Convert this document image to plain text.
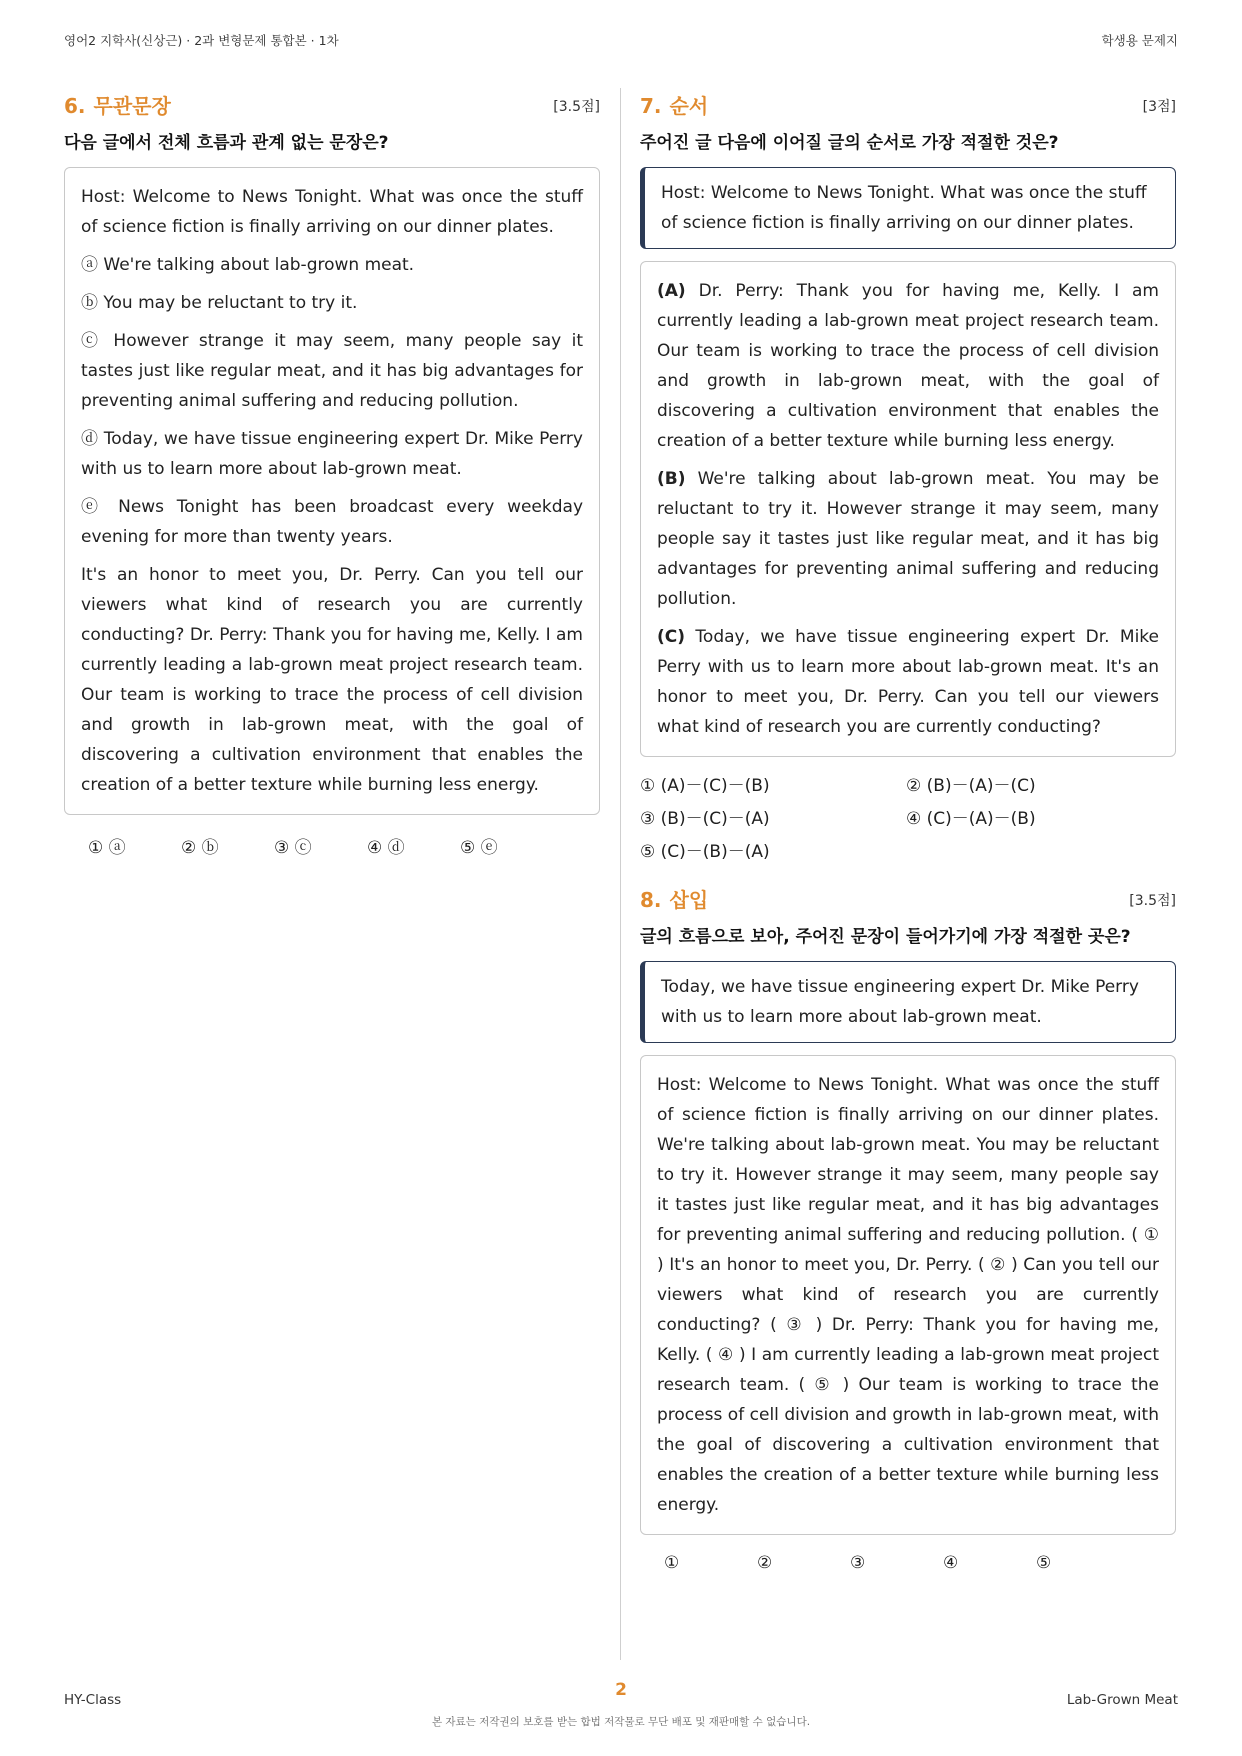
영어2 지학사(신상근) · 2과 변형문제 통합본 · 1차	학생용 문제지
6. 무관문장	[3.5점]
다음 글에서 전체 흐름과 관계 없는 문장은?

Host: Welcome to News Tonight. What was once the stuff of science fiction is finally arriving on our dinner plates.

ⓐ We're talking about lab-grown meat.

ⓑ You may be reluctant to try it.

ⓒ However strange it may seem, many people say it tastes just like regular meat, and it has big advantages for preventing animal suffering and reducing pollution.

ⓓ Today, we have tissue engineering expert Dr. Mike Perry with us to learn more about lab-grown meat.

ⓔ News Tonight has been broadcast every weekday evening for more than twenty years.

It's an honor to meet you, Dr. Perry. Can you tell our viewers what kind of research you are currently conducting? Dr. Perry: Thank you for having me, Kelly. I am currently leading a lab-grown meat project research team. Our team is working to trace the process of cell division and growth in lab-grown meat, with the goal of discovering a cultivation environment that enables the creation of a better texture while burning less energy.

① ⓐ	② ⓑ	③ ⓒ	④ ⓓ	⑤ ⓔ
7. 순서	[3점]
주어진 글 다음에 이어질 글의 순서로 가장 적절한 것은?
Host: Welcome to News Tonight. What was once the stuff of science fiction is finally arriving on our dinner plates.

(A) Dr. Perry: Thank you for having me, Kelly. I am currently leading a lab-grown meat project research team. Our team is working to trace the process of cell division and growth in lab-grown meat, with the goal of discovering a cultivation environment that enables the creation of a better texture while burning less energy.

(B) We're talking about lab-grown meat. You may be reluctant to try it. However strange it may seem, many people say it tastes just like regular meat, and it has big advantages for preventing animal suffering and reducing pollution.

(C) Today, we have tissue engineering expert Dr. Mike Perry with us to learn more about lab-grown meat. It's an honor to meet you, Dr. Perry. Can you tell our viewers what kind of research you are currently conducting?

① (A)－(C)－(B)	② (B)－(A)－(C)
③ (B)－(C)－(A)	④ (C)－(A)－(B)
⑤ (C)－(B)－(A)
8. 삽입	[3.5점]
글의 흐름으로 보아, 주어진 문장이 들어가기에 가장 적절한 곳은?
Today, we have tissue engineering expert Dr. Mike Perry with us to learn more about lab-grown meat.

Host: Welcome to News Tonight. What was once the stuff of science fiction is finally arriving on our dinner plates. We're talking about lab-grown meat. You may be reluctant to try it. However strange it may seem, many people say it tastes just like regular meat, and it has big advantages for preventing animal suffering and reducing pollution. ( ① ) It's an honor to meet you, Dr. Perry. ( ② ) Can you tell our viewers what kind of research you are currently conducting? ( ③ ) Dr. Perry: Thank you for having me, Kelly. ( ④ ) I am currently leading a lab-grown meat project research team. ( ⑤ ) Our team is working to trace the process of cell division and growth in lab-grown meat, with the goal of discovering a cultivation environment that enables the creation of a better texture while burning less energy.

①	②	③	④	⑤
HY-Class	2	Lab-Grown Meat
본 자료는 저작권의 보호를 받는 합법 저작물로 무단 배포 및 재판매할 수 없습니다.
